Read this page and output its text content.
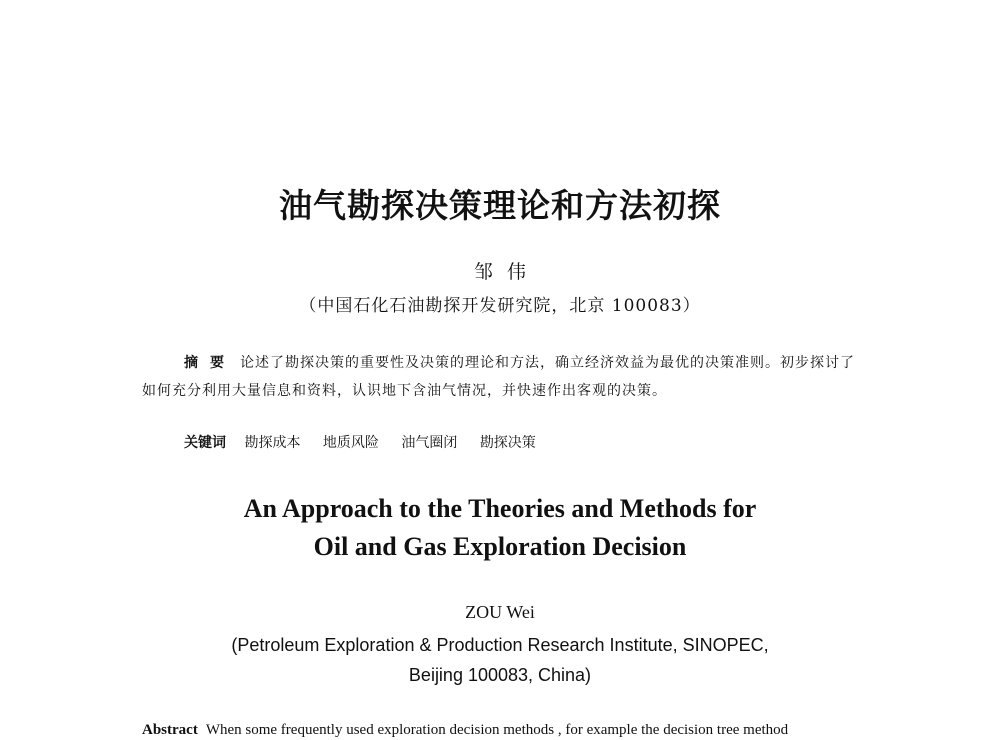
油气勘探决策理论和方法初探
邹伟
（中国石化石油勘探开发研究院，北京 100083）
摘要 论述了勘探决策的重要性及决策的理论和方法，确立经济效益为最优的决策准则。初步探讨了如何充分利用大量信息和资料，认识地下含油气情况，并快速作出客观的决策。
关键词 勘探成本 地质风险 油气圈闭 勘探决策
An Approach to the Theories and Methods for
Oil and Gas Exploration Decision
ZOU Wei
(Petroleum Exploration & Production Research Institute, SINOPEC,
Beijing 100083, China)
Abstract When some frequently used exploration decision methods , for example the decision tree method
